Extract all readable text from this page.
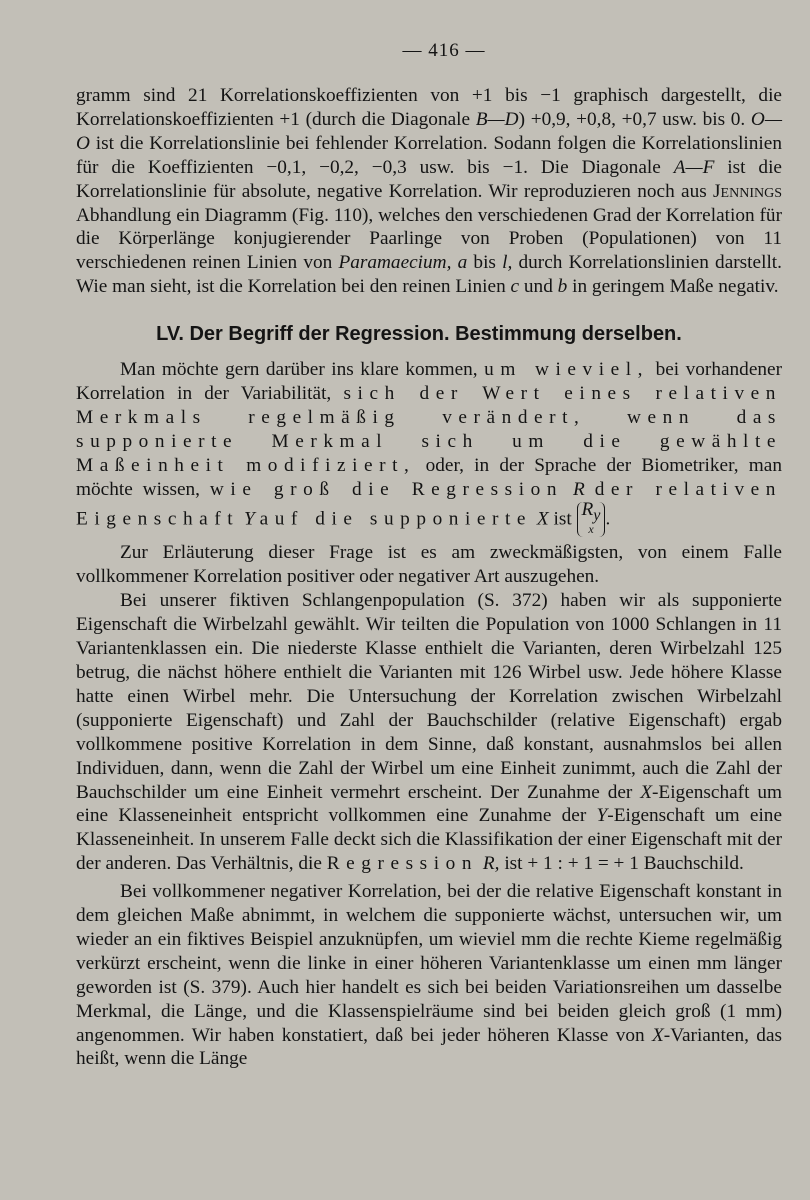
— 416 —

gramm sind 21 Korrelationskoeffizienten von +1 bis −1 graphisch dargestellt, die Korrelationskoeffizienten +1 (durch die Diagonale B—D) +0,9, +0,8, +0,7 usw. bis 0. O—O ist die Korrelationslinie bei fehlender Korrelation. Sodann folgen die Korrelationslinien für die Koeffizienten −0,1, −0,2, −0,3 usw. bis −1. Die Diagonale A—F ist die Korrelationslinie für absolute, negative Korrelation. Wir reproduzieren noch aus Jennings Abhandlung ein Diagramm (Fig. 110), welches den verschiedenen Grad der Korrelation für die Körperlänge konjugierender Paarlinge von Proben (Populationen) von 11 verschiedenen reinen Linien von Paramaecium, a bis l, durch Korrelationslinien darstellt. Wie man sieht, ist die Korrelation bei den reinen Linien c und b in geringem Maße negativ.

LV. Der Begriff der Regression. Bestimmung derselben.

Man möchte gern darüber ins klare kommen, um wieviel, bei vorhandener Korrelation in der Variabilität, sich der Wert eines relativen Merkmals regelmäßig verändert, wenn das supponierte Merkmal sich um die gewählte Maßeinheit modifiziert, oder, in der Sprache der Biometriker, man möchte wissen, wie groß die Regression R der relativen Eigenschaft Y auf die supponierte X ist $R_y$
x
.

Zur Erläuterung dieser Frage ist es am zweckmäßigsten, von einem Falle vollkommener Korrelation positiver oder negativer Art auszugehen.

Bei unserer fiktiven Schlangenpopulation (S. 372) haben wir als supponierte Eigenschaft die Wirbelzahl gewählt. Wir teilten die Population von 1000 Schlangen in 11 Variantenklassen ein. Die niederste Klasse enthielt die Varianten, deren Wirbelzahl 125 betrug, die nächst höhere enthielt die Varianten mit 126 Wirbel usw. Jede höhere Klasse hatte einen Wirbel mehr. Die Untersuchung der Korrelation zwischen Wirbelzahl (supponierte Eigenschaft) und Zahl der Bauchschilder (relative Eigenschaft) ergab vollkommene positive Korrelation in dem Sinne, daß konstant, ausnahmslos bei allen Individuen, dann, wenn die Zahl der Wirbel um eine Einheit zunimmt, auch die Zahl der Bauchschilder um eine Einheit vermehrt erscheint. Der Zunahme der X-Eigenschaft um eine Klasseneinheit entspricht vollkommen eine Zunahme der Y-Eigenschaft um eine Klasseneinheit. In unserem Falle deckt sich die Klassifikation der einer Eigenschaft mit der der anderen. Das Verhältnis, die Regression R, ist + 1 : + 1 = + 1 Bauchschild.

Bei vollkommener negativer Korrelation, bei der die relative Eigenschaft konstant in dem gleichen Maße abnimmt, in welchem die supponierte wächst, untersuchen wir, um wieder an ein fiktives Beispiel anzuknüpfen, um wieviel mm die rechte Kieme regelmäßig verkürzt erscheint, wenn die linke in einer höheren Variantenklasse um einen mm länger geworden ist (S. 379). Auch hier handelt es sich bei beiden Variationsreihen um dasselbe Merkmal, die Länge, und die Klassenspielräume sind bei beiden gleich groß (1 mm) angenommen. Wir haben konstatiert, daß bei jeder höheren Klasse von X-Varianten, das heißt, wenn die Länge
